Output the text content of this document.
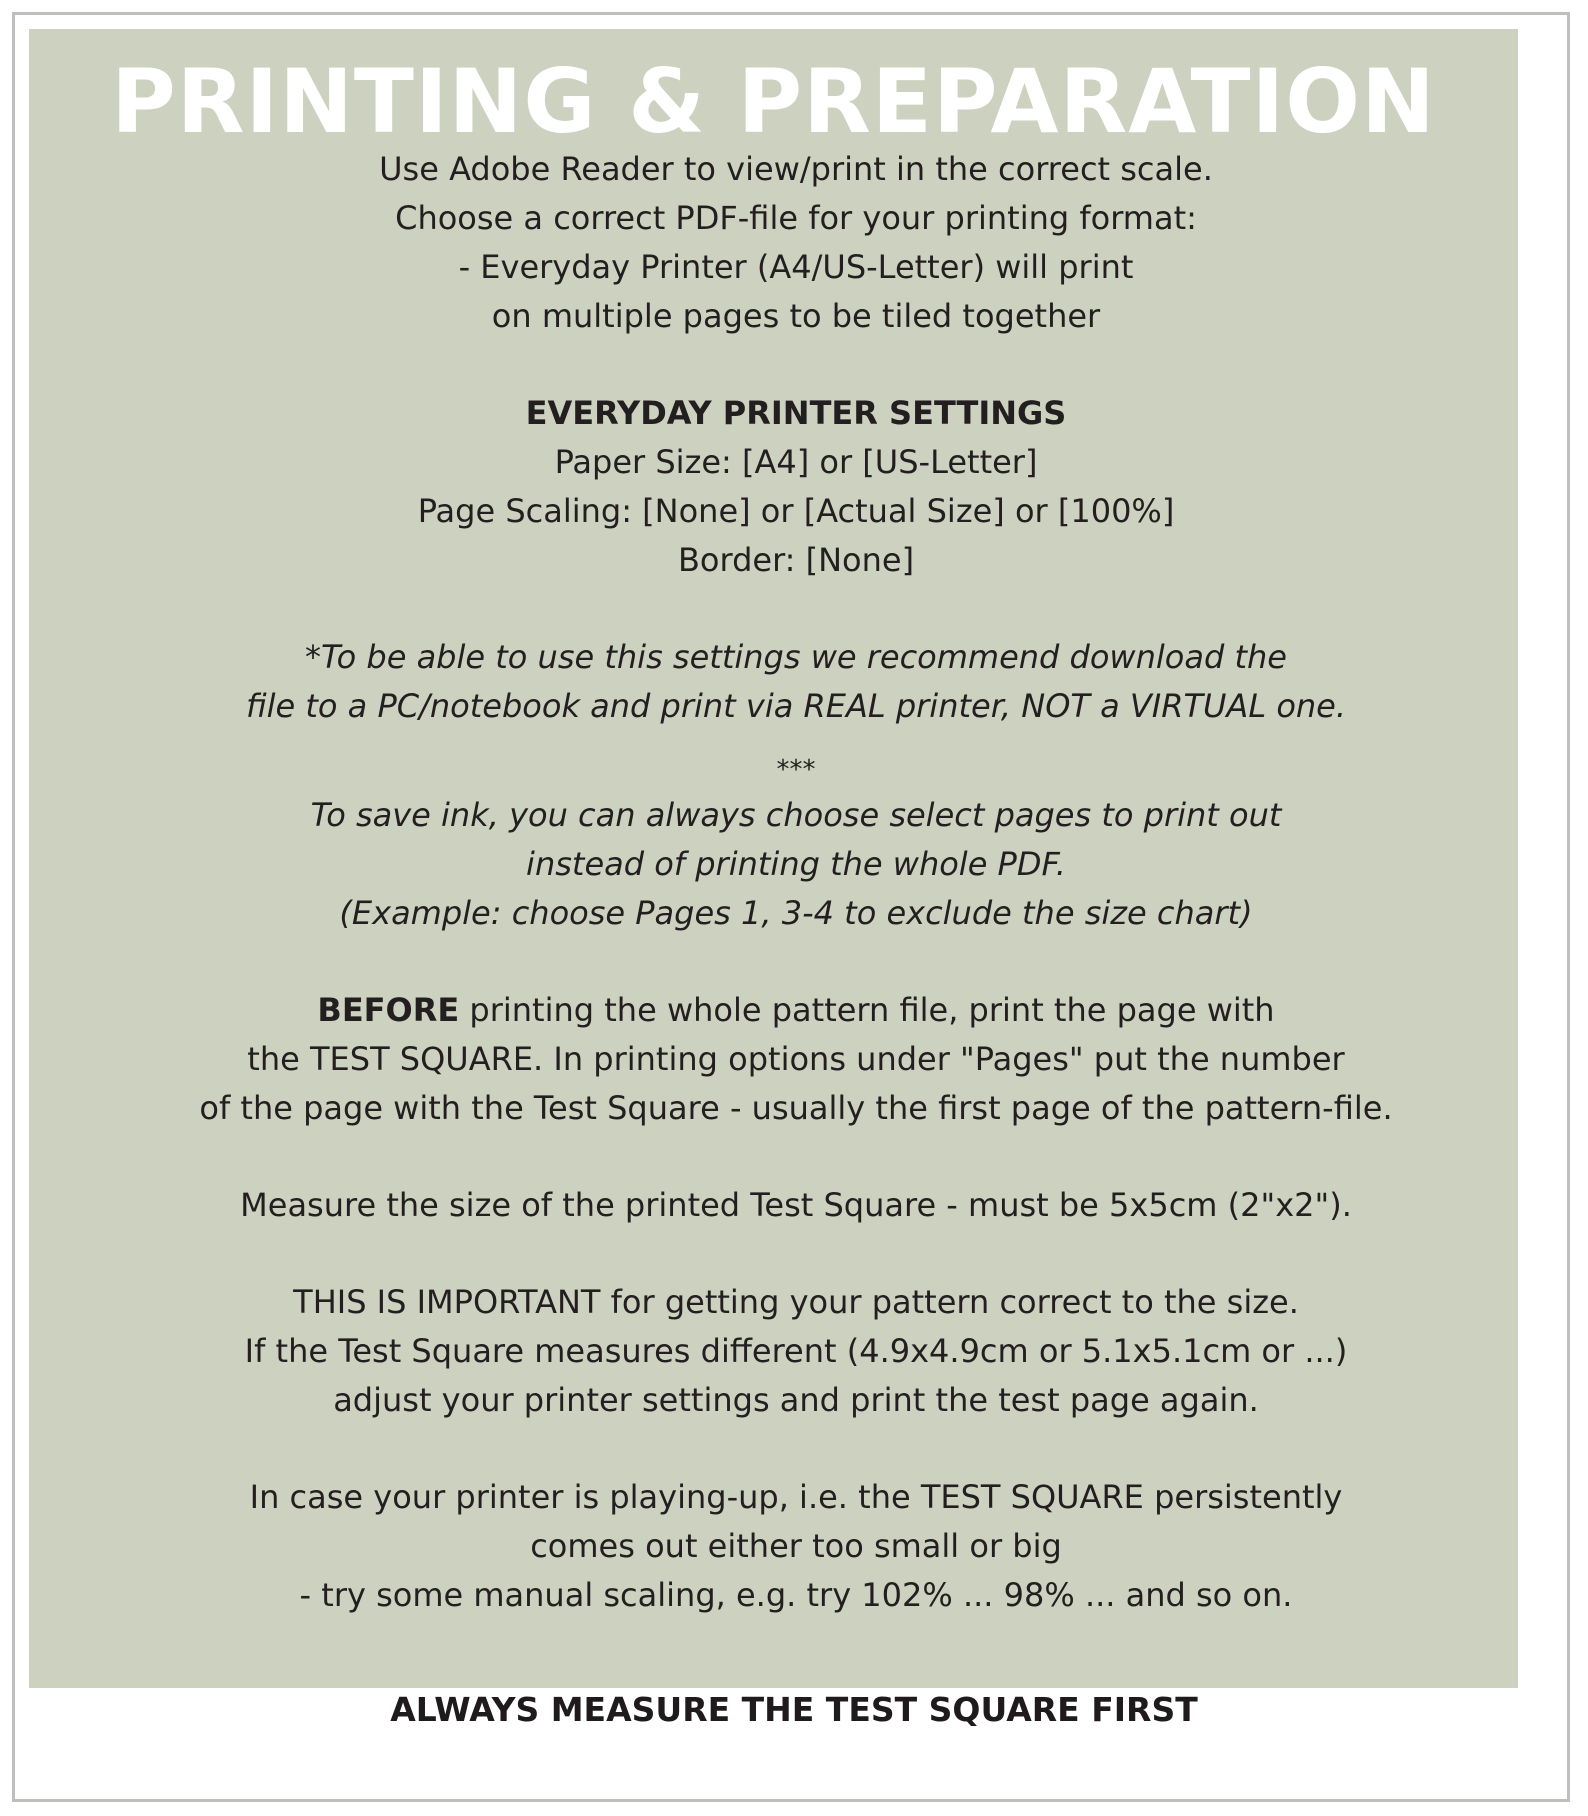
PRINTING & PREPARATION
Use Adobe Reader to view/print in the correct scale.
Choose a correct PDF-file for your printing format:
- Everyday Printer (A4/US-Letter) will print
on multiple pages to be tiled together
EVERYDAY PRINTER SETTINGS
Paper Size: [A4] or [US-Letter]
Page Scaling: [None] or [Actual Size] or [100%]
Border: [None]
*To be able to use this settings we recommend download the
file to a PC/notebook and print via REAL printer, NOT a VIRTUAL one.
***
To save ink, you can always choose select pages to print out
instead of printing the whole PDF.
(Example: choose Pages 1, 3-4 to exclude the size chart)
BEFORE printing the whole pattern file, print the page with
the TEST SQUARE. In printing options under "Pages" put the number
of the page with the Test Square - usually the first page of the pattern-file.
Measure the size of the printed Test Square - must be 5x5cm (2"x2").
THIS IS IMPORTANT for getting your pattern correct to the size.
If the Test Square measures different (4.9x4.9cm or 5.1x5.1cm or ...)
adjust your printer settings and print the test page again.
In case your printer is playing-up, i.e. the TEST SQUARE persistently
comes out either too small or big
- try some manual scaling, e.g. try 102% ... 98% ... and so on.
ALWAYS MEASURE THE TEST SQUARE FIRST
